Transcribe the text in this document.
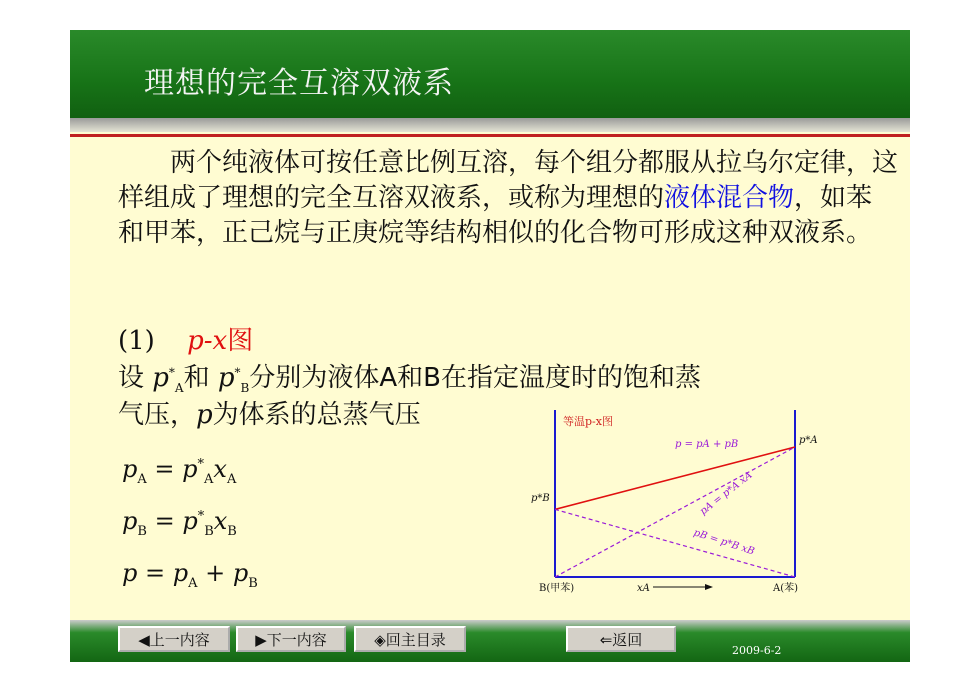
理想的完全互溶双液系
两个纯液体可按任意比例互溶，每个组分都服从拉乌尔定律，这样组成了理想的完全互溶双液系，或称为理想的液体混合物，如苯和甲苯，正己烷与正庚烷等结构相似的化合物可形成这种双液系。
(1) p-x图
设 $p^*_A$和 $p^*_B$分别为液体A和B在指定温度时的饱和蒸
气压，p为体系的总蒸气压
$p_A = p^*_Ax_A$
$p_B = p^*_Bx_B$
$p = p_A + p_B$
等温p-x图
p = pA + pB
pA = p*A xA
pB = p*B xB
p*B
p*A
B(甲苯)	A(苯)
xA
◀上一内容	▶下一内容	◈回主目录	⇐返回
2009-6-2
